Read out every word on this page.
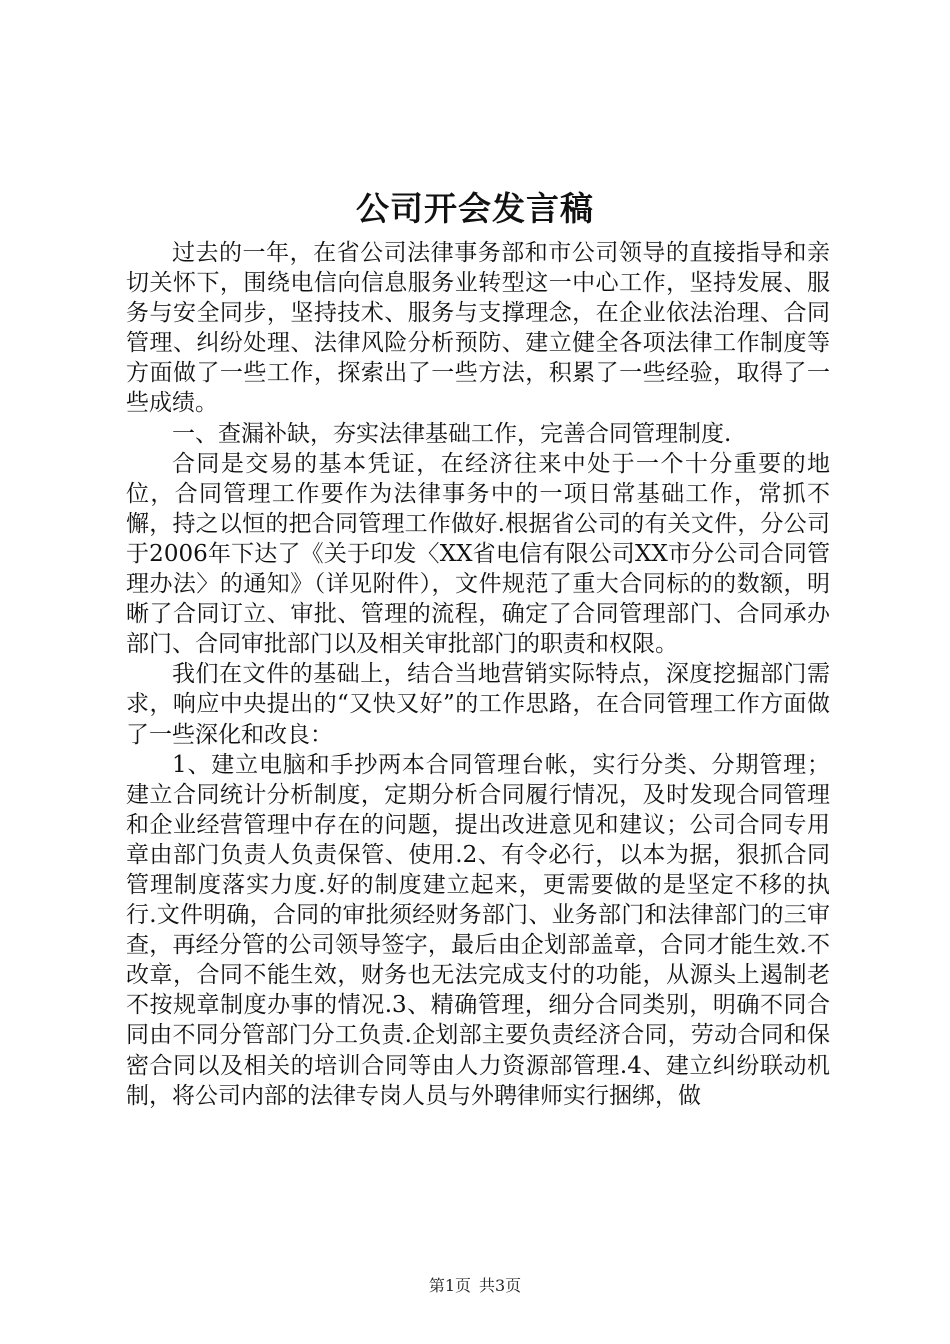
公司开会发言稿

过去的一年，在省公司法律事务部和市公司领导的直接指导和亲切关怀下，围绕电信向信息服务业转型这一中心工作，坚持发展、服务与安全同步，坚持技术、服务与支撑理念，在企业依法治理、合同管理、纠纷处理、法律风险分析预防、建立健全各项法律工作制度等方面做了一些工作，探索出了一些方法，积累了一些经验，取得了一些成绩。

一、查漏补缺，夯实法律基础工作，完善合同管理制度.

合同是交易的基本凭证，在经济往来中处于一个十分重要的地位，合同管理工作要作为法律事务中的一项日常基础工作，常抓不懈，持之以恒的把合同管理工作做好.根据省公司的有关文件，分公司于2006年下达了《关于印发〈XX省电信有限公司XX市分公司合同管理办法〉的通知》（详见附件），文件规范了重大合同标的的数额，明晰了合同订立、审批、管理的流程，确定了合同管理部门、合同承办部门、合同审批部门以及相关审批部门的职责和权限。

我们在文件的基础上，结合当地营销实际特点，深度挖掘部门需求，响应中央提出的“又快又好”的工作思路，在合同管理工作方面做了一些深化和改良：

1、建立电脑和手抄两本合同管理台帐，实行分类、分期管理；建立合同统计分析制度，定期分析合同履行情况，及时发现合同管理和企业经营管理中存在的问题，提出改进意见和建议；公司合同专用章由部门负责人负责保管、使用.2、有令必行，以本为据，狠抓合同管理制度落实力度.好的制度建立起来，更需要做的是坚定不移的执行.文件明确，合同的审批须经财务部门、业务部门和法律部门的三审查，再经分管的公司领导签字，最后由企划部盖章，合同才能生效.不改章，合同不能生效，财务也无法完成支付的功能，从源头上遏制老不按规章制度办事的情况.3、精确管理，细分合同类别，明确不同合同由不同分管部门分工负责.企划部主要负责经济合同，劳动合同和保密合同以及相关的培训合同等由人力资源部管理.4、建立纠纷联动机制，将公司内部的法律专岗人员与外聘律师实行捆绑，做

第1页 共3页
